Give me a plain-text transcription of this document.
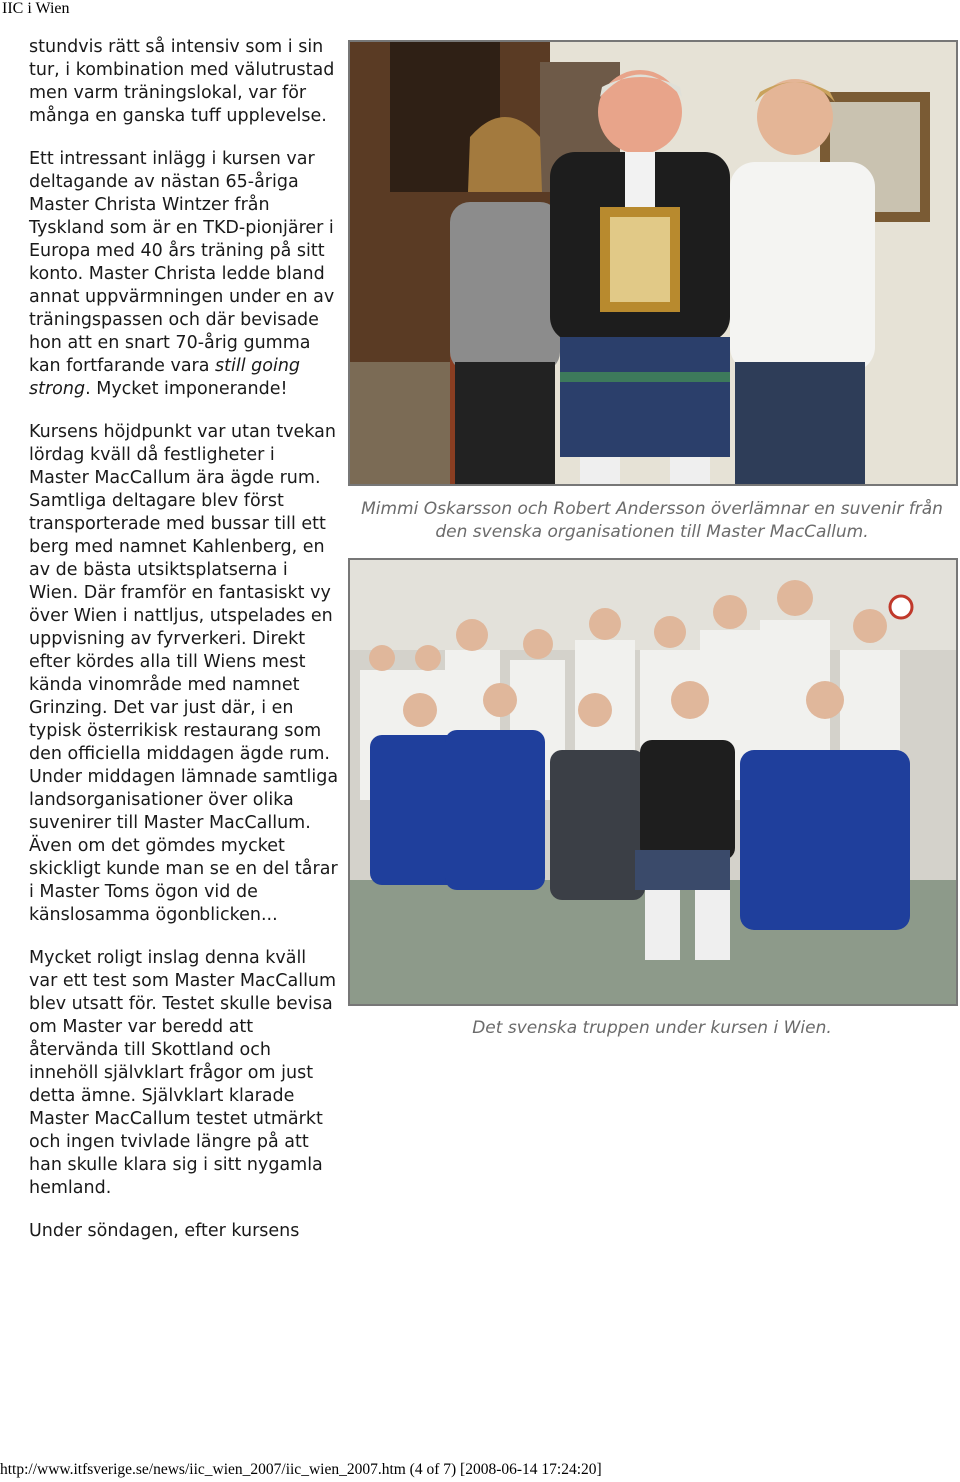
IIC i Wien

stundvis rätt så intensiv som i sin tur, i kombination med välutrustad men varm träningslokal, var för många en ganska tuff upplevelse.

Ett intressant inlägg i kursen var deltagande av nästan 65-åriga Master Christa Wintzer från Tyskland som är en TKD-pionjärer i Europa med 40 års träning på sitt konto. Master Christa ledde bland annat uppvärmningen under en av träningspassen och där bevisade hon att en snart 70-årig gumma kan fortfarande vara still going strong. Mycket imponerande!

Kursens höjdpunkt var utan tvekan lördag kväll då festligheter i Master MacCallum ära ägde rum. Samtliga deltagare blev först transporterade med bussar till ett berg med namnet Kahlenberg, en av de bästa utsiktsplatserna i Wien. Där framför en fantasiskt vy över Wien i nattljus, utspelades en uppvisning av fyrverkeri. Direkt efter kördes alla till Wiens mest kända vinområde med namnet Grinzing. Det var just där, i en typisk österrikisk restaurang som den officiella middagen ägde rum. Under middagen lämnade samtliga landsorganisationer över olika suvenirer till Master MacCallum. Även om det gömdes mycket skickligt kunde man se en del tårar i Master Toms ögon vid de känslosamma ögonblicken...

Mycket roligt inslag denna kväll var ett test som Master MacCallum blev utsatt för. Testet skulle bevisa om Master var beredd att återvända till Skottland och innehöll självklart frågor om just detta ämne. Självklart klarade Master MacCallum testet utmärkt och ingen tvivlade längre på att han skulle klara sig i sitt nygamla hemland.

Under söndagen, efter kursens

Mimmi Oskarsson och Robert Andersson överlämnar en suvenir från den svenska organisationen till Master MacCallum.
Det svenska truppen under kursen i Wien.
http://www.itfsverige.se/news/iic_wien_2007/iic_wien_2007.htm (4 of 7) [2008-06-14 17:24:20]
